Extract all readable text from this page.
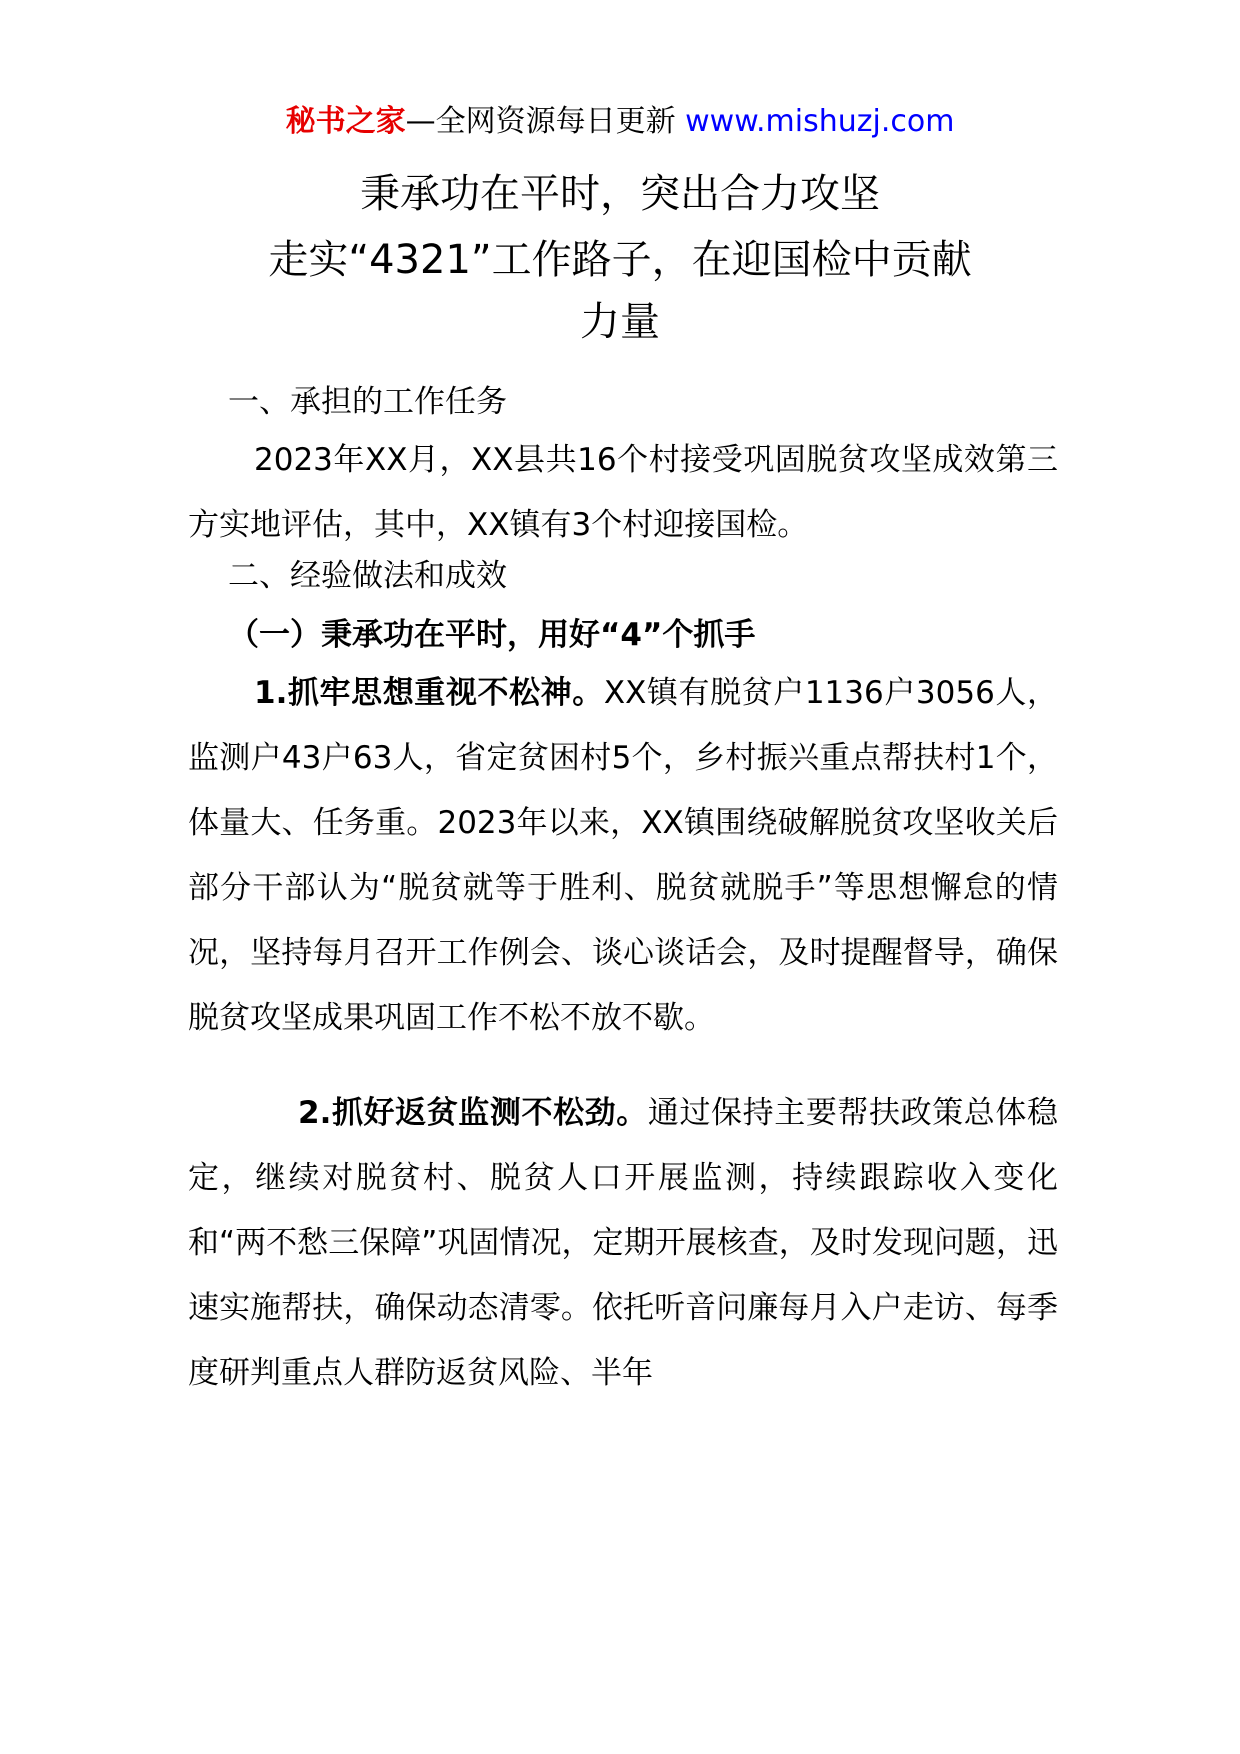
秘书之家—全网资源每日更新 www.mishuzj.com
秉承功在平时，突出合力攻坚
走实“4321”工作路子，在迎国检中贡献
力量
一、承担的工作任务
2023年XX月，XX县共16个村接受巩固脱贫攻坚成效第三方实地评估，其中，XX镇有3个村迎接国检。
二、经验做法和成效
（一）秉承功在平时，用好“4”个抓手
1.抓牢思想重视不松神。XX镇有脱贫户1136户3056人，监测户43户63人，省定贫困村5个，乡村振兴重点帮扶村1个，体量大、任务重。2023年以来，XX镇围绕破解脱贫攻坚收关后部分干部认为“脱贫就等于胜利、脱贫就脱手”等思想懈怠的情况，坚持每月召开工作例会、谈心谈话会，及时提醒督导，确保脱贫攻坚成果巩固工作不松不放不歇。
2.抓好返贫监测不松劲。通过保持主要帮扶政策总体稳定，继续对脱贫村、脱贫人口开展监测，持续跟踪收入变化和“两不愁三保障”巩固情况，定期开展核查，及时发现问题，迅速实施帮扶，确保动态清零。依托听音问廉每月入户走访、每季度研判重点人群防返贫风险、半年
